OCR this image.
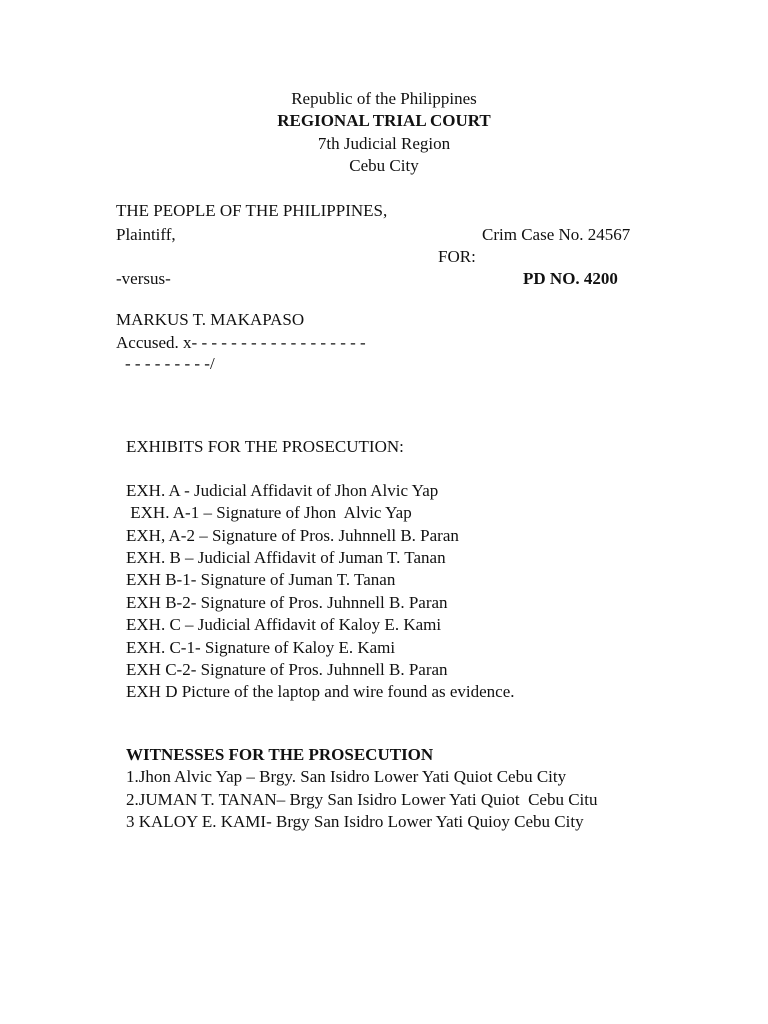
Republic of the Philippines
REGIONAL TRIAL COURT
7th Judicial Region
Cebu City
THE PEOPLE OF THE PHILIPPINES,
Plaintiff,	Crim Case No. 24567
FOR:
-versus-	PD NO. 4200
MARKUS T. MAKAPASO
Accused. x- - - - - - - - - - - - - - - - - -
- - - - - - - - -/
EXHIBITS FOR THE PROSECUTION:
EXH. A - Judicial Affidavit of Jhon Alvic Yap
EXH. A-1 – Signature of Jhon  Alvic Yap
EXH, A-2 – Signature of Pros. Juhnnell B. Paran
EXH. B – Judicial Affidavit of Juman T. Tanan
EXH B-1- Signature of Juman T. Tanan
EXH B-2- Signature of Pros. Juhnnell B. Paran
EXH. C – Judicial Affidavit of Kaloy E. Kami
EXH. C-1- Signature of Kaloy E. Kami
EXH C-2- Signature of Pros. Juhnnell B. Paran
EXH D Picture of the laptop and wire found as evidence.
WITNESSES FOR THE PROSECUTION
1.Jhon Alvic Yap – Brgy. San Isidro Lower Yati Quiot Cebu City
2.JUMAN T. TANAN– Brgy San Isidro Lower Yati Quiot  Cebu Citu
3 KALOY E. KAMI- Brgy San Isidro Lower Yati Quioy Cebu City
